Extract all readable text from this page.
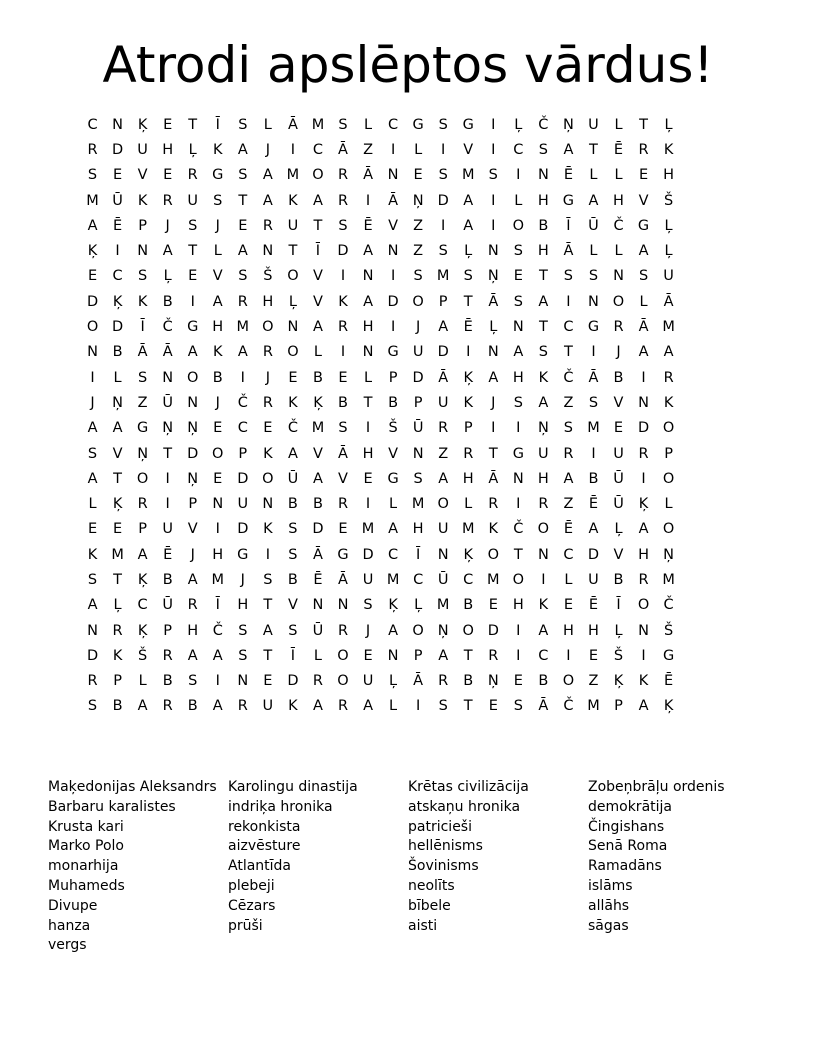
Atrodi apslēptos vārdus!
C	N	Ķ	E	T	Ī	S	L	Ā M S	L	C G	S	G	I	Ļ	Č	Ņ U	L	T	Ļ
R D U H	Ļ	K	A	J	I	C	Ā	Z	I	L	I	V	I	C	S	A	T	Ē	R	K
S	E	V	E	R G	S	A M O R	Ā	N	E	S M S	I	N	Ē	L	L	E	H
M Ū	K	R	U	S	T	A	K	A	R	I	Ā	Ņ D	A	I	L	H G A	H	V	Š
A	Ē	P	J	S	J	E	R	U	T	S	Ē	V	Z	I	A	I	O B	Ī	Ū	Č G	Ļ
Ķ	I	N	A	T	L	A	N	T	Ī	D	A	N	Z	S	Ļ	N	S	H	Ā	L	L	A	Ļ
E	C	S	Ļ	E	V	S	Š	O V	I	N	I	S M S	Ņ	E	T	S	S	N	S	U
D	Ķ	K	B	I	A	R	H	Ļ	V	K	A	D O	P	T	Ā	S	A	I	N O	L	Ā
O D	Ī	Č G H M O N	A	R	H	I	J	A	Ē	Ļ	N	T	C G R	Ā M
N	B	Ā	Ā	A	K	A	R O	L	I	N G U D	I	N	A	S	T	I	J	A	A
I	L	S	N O B	I	J	E	B	E	L	P	D	Ā	Ķ	A	H	K	Č	Ā	B	I	R
J	Ņ	Z	Ū N	J	Č	R	K	Ķ	B	T	B	P	U	K	J	S	A	Z	S	V	N	K
A	A G Ņ Ņ	E	C	E	Č M S	I	Š	Ū	R	P	I	I	Ņ	S M E	D O
S	V	Ņ	T	D O	P	K	A	V	Ā	H	V	N	Z	R	T	G U	R	I	U	R	P
A	T	O	I	Ņ	E	D O Ū	A	V	E	G	S	A	H	Ā	N H	A	B	Ū	I	O
L	Ķ	R	I	P	N U N	B	B	R	I	L	M O	L	R	I	R	Z	Ē	Ū	Ķ	L
E	E	P	U	V	I	D	K	S	D	E M A	H U M K	Č O	Ē	A	Ļ	A O
K M A	Ē	J	H G	I	S	Ā G D C	Ī	N	Ķ	O	T	N	C D	V	H Ņ
S	T	Ķ	B	A M	J	S	B	Ē	Ā	U M C	Ū	C M O	I	L	U	B	R M
A	Ļ	C	Ū	R	Ī	H	T	V	N N	S	Ķ	Ļ	M B	E	H	K	E	Ē	Ī	O Č
N	R	Ķ	P	H	Č	S	A	S	Ū	R	J	A O Ņ O D	I	A	H H	Ļ	N	Š
D	K	Š	R	A	A	S	T	Ī	L	O	E	N	P	A	T	R	I	C	I	E	Š	I	G
R	P	L	B	S	I	N	E	D R O U	Ļ	Ā	R	B	Ņ	E	B O Z	Ķ	K	Ē
S	B	A	R	B	A	R	U	K	A	R	A	L	I	S	T	E	S	Ā	Č M P	A	Ķ
Maķedonijas Aleksandrs
Barbaru karalistes
Krusta kari
Marko Polo
monarhija
Muhameds
Divupe
hanza
vergs
Karolingu dinastija
indriķa hronika
rekonkista
aizvēsture
Atlantīda
plebeji
Cēzars
prūši
Krētas civilizācija
atskaņu hronika
patricieši
hellēnisms
Šovinisms
neolīts
bībele
aisti
Zobeņbrāļu ordenis
demokrātija
Čingishans
Senā Roma
Ramadāns
islāms
allāhs
sāgas
